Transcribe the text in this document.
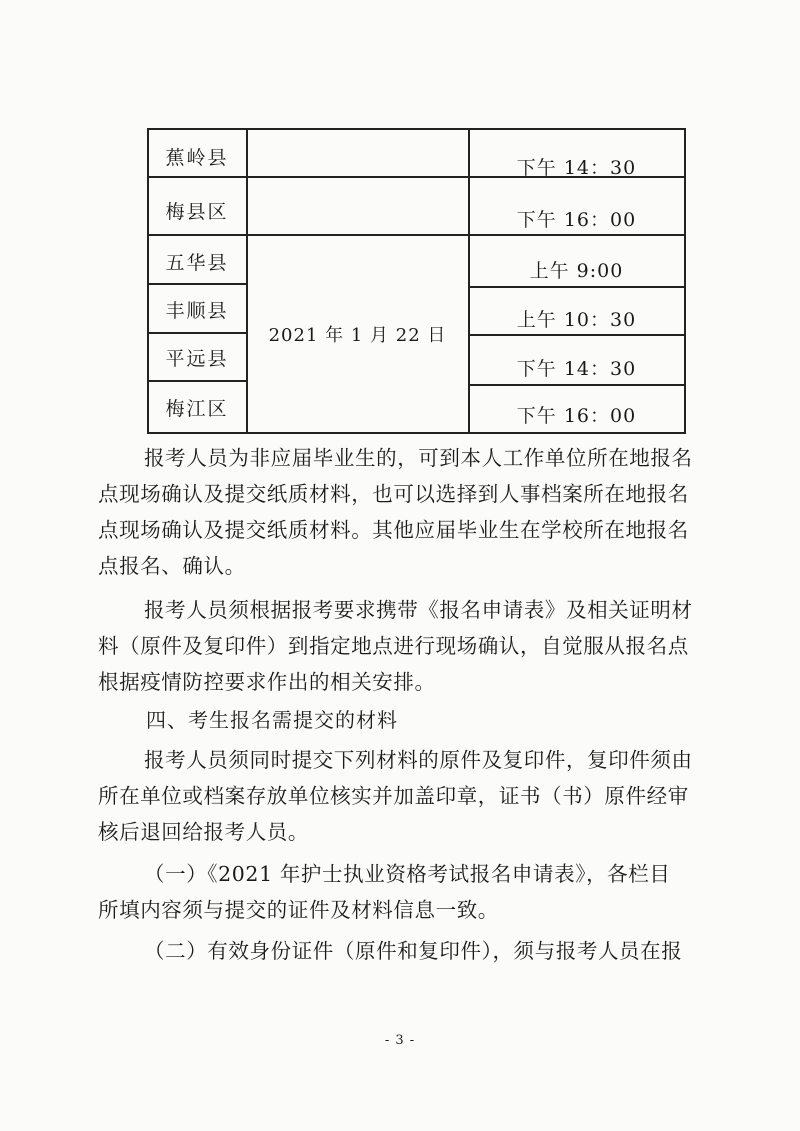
蕉岭县
梅县区
五华县
丰顺县
平远县
梅江区
2021 年 1 月 22 日
下午 14：30
下午 16：00
上午 9:00
上午 10：30
下午 14：30
下午 16：00
报考人员为非应届毕业生的，可到本人工作单位所在地报名
点现场确认及提交纸质材料，也可以选择到人事档案所在地报名
点现场确认及提交纸质材料。其他应届毕业生在学校所在地报名
点报名、确认。
报考人员须根据报考要求携带《报名申请表》及相关证明材
料（原件及复印件）到指定地点进行现场确认，自觉服从报名点
根据疫情防控要求作出的相关安排。
四、考生报名需提交的材料
报考人员须同时提交下列材料的原件及复印件，复印件须由
所在单位或档案存放单位核实并加盖印章，证书（书）原件经审
核后退回给报考人员。
（一）《2021 年护士执业资格考试报名申请表》，各栏目
所填内容须与提交的证件及材料信息一致。
（二）有效身份证件（原件和复印件），须与报考人员在报
- 3 -
